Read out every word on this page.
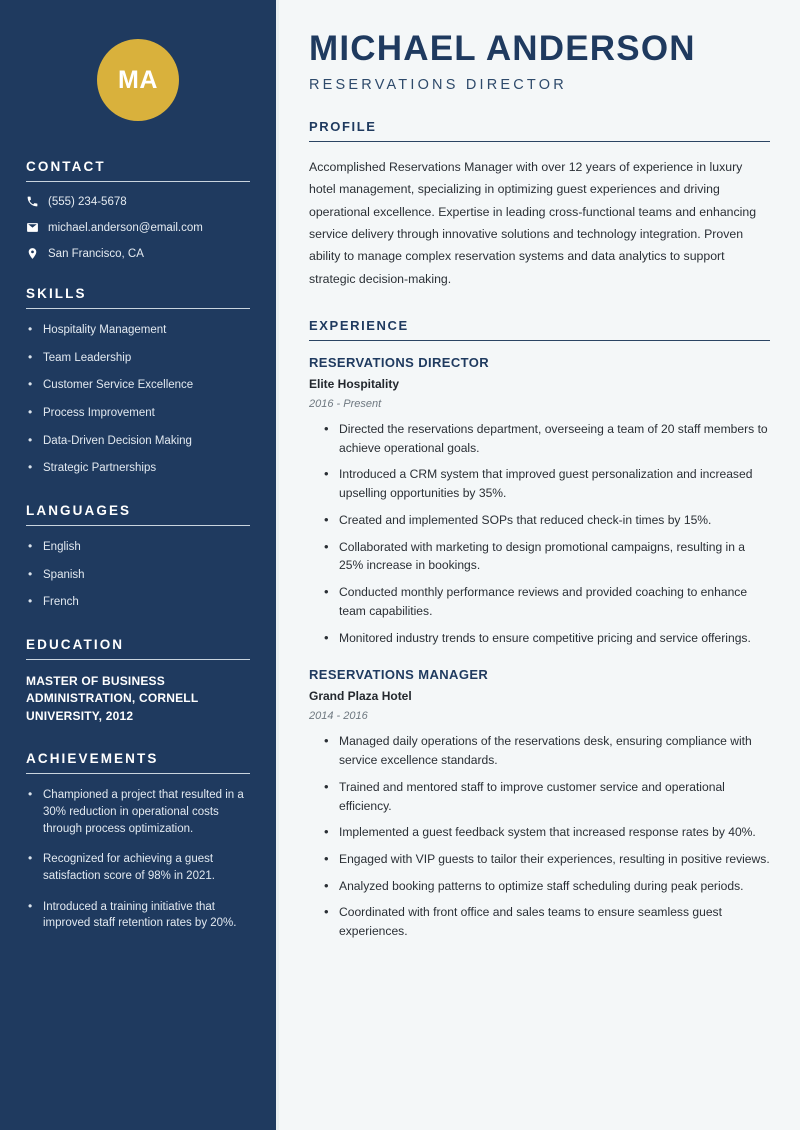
MA
CONTACT
(555) 234-5678
michael.anderson@email.com
San Francisco, CA
SKILLS
• Hospitality Management
• Team Leadership
• Customer Service Excellence
• Process Improvement
• Data-Driven Decision Making
• Strategic Partnerships
LANGUAGES
• English
• Spanish
• French
EDUCATION
MASTER OF BUSINESS ADMINISTRATION, CORNELL UNIVERSITY, 2012
ACHIEVEMENTS
• Championed a project that resulted in a 30% reduction in operational costs through process optimization.
• Recognized for achieving a guest satisfaction score of 98% in 2021.
• Introduced a training initiative that improved staff retention rates by 20%.
MICHAEL ANDERSON
RESERVATIONS DIRECTOR
PROFILE

Accomplished Reservations Manager with over 12 years of experience in luxury hotel management, specializing in optimizing guest experiences and driving operational excellence. Expertise in leading cross-functional teams and enhancing service delivery through innovative solutions and technology integration. Proven ability to manage complex reservation systems and data analytics to support strategic decision-making.

EXPERIENCE
RESERVATIONS DIRECTOR
Elite Hospitality
2016 - Present
• Directed the reservations department, overseeing a team of 20 staff members to achieve operational goals.
• Introduced a CRM system that improved guest personalization and increased upselling opportunities by 35%.
• Created and implemented SOPs that reduced check-in times by 15%.
• Collaborated with marketing to design promotional campaigns, resulting in a 25% increase in bookings.
• Conducted monthly performance reviews and provided coaching to enhance team capabilities.
• Monitored industry trends to ensure competitive pricing and service offerings.
RESERVATIONS MANAGER
Grand Plaza Hotel
2014 - 2016
• Managed daily operations of the reservations desk, ensuring compliance with service excellence standards.
• Trained and mentored staff to improve customer service and operational efficiency.
• Implemented a guest feedback system that increased response rates by 40%.
• Engaged with VIP guests to tailor their experiences, resulting in positive reviews.
• Analyzed booking patterns to optimize staff scheduling during peak periods.
• Coordinated with front office and sales teams to ensure seamless guest experiences.
